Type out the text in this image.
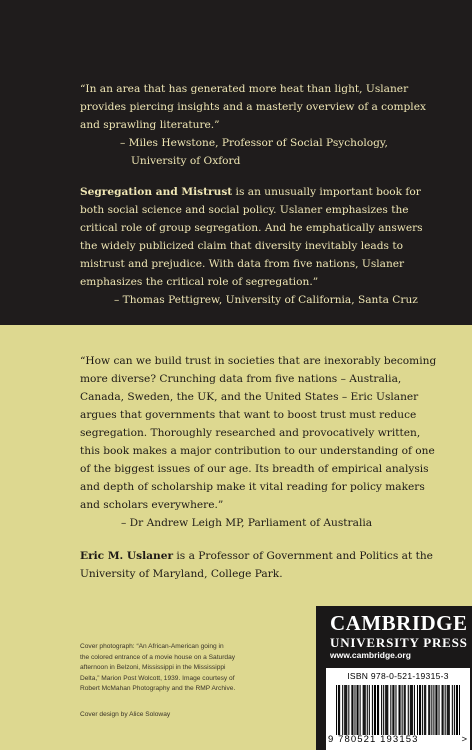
“In an area that has generated more heat than light, Uslaner

provides piercing insights and a masterly overview of a complex

and sprawling literature.”

– Miles Hewstone, Professor of Social Psychology,

University of Oxford

Segregation and Mistrust is an unusually important book for

both social science and social policy. Uslaner emphasizes the

critical role of group segregation. And he emphatically answers

the widely publicized claim that diversity inevitably leads to

mistrust and prejudice. With data from five nations, Uslaner

emphasizes the critical role of segregation.”

– Thomas Pettigrew, University of California, Santa Cruz

“How can we build trust in societies that are inexorably becoming

more diverse? Crunching data from five nations – Australia,

Canada, Sweden, the UK, and the United States – Eric Uslaner

argues that governments that want to boost trust must reduce

segregation. Thoroughly researched and provocatively written,

this book makes a major contribution to our understanding of one

of the biggest issues of our age. Its breadth of empirical analysis

and depth of scholarship make it vital reading for policy makers

and scholars everywhere.”

– Dr Andrew Leigh MP, Parliament of Australia

Eric M. Uslaner is a Professor of Government and Politics at the

University of Maryland, College Park.

Cover photograph: “An African-American going in
the colored entrance of a movie house on a Saturday
afternoon in Belzoni, Mississippi in the Mississippi
Delta,” Marion Post Wolcott, 1939. Image courtesy of
Robert McMahan Photography and the RMP Archive.

Cover design by Alice Soloway

CAMBRIDGE
UNIVERSITY PRESS
www.cambridge.org
ISBN 978-0-521-19315-3
9 780521 193153	>
